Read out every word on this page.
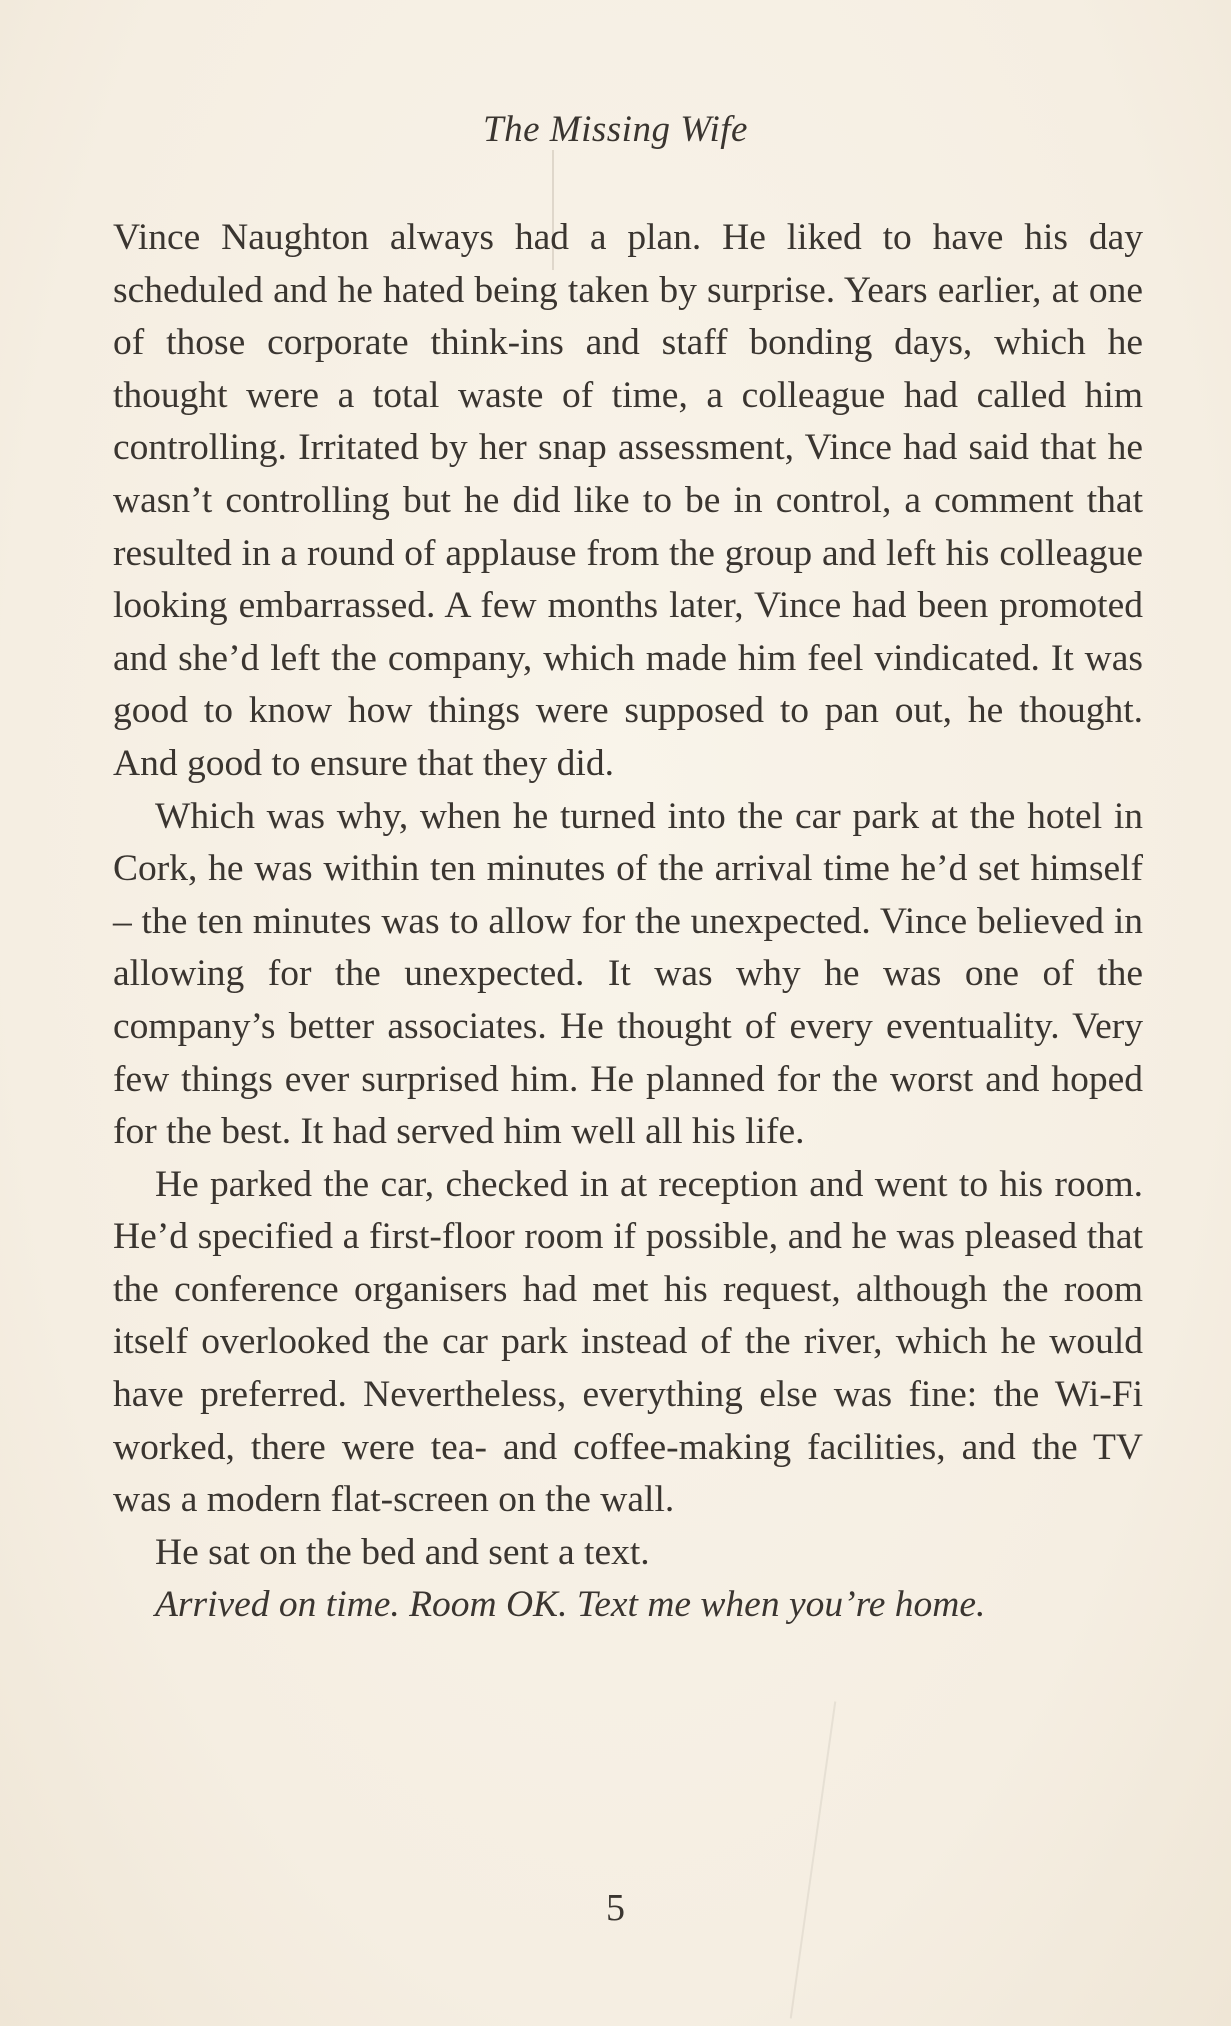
The Missing Wife

Vince Naughton always had a plan. He liked to have his day scheduled and he hated being taken by surprise. Years earlier, at one of those corporate think-ins and staff bonding days, which he thought were a total waste of time, a colleague had called him controlling. Irritated by her snap assessment, Vince had said that he wasn’t controlling but he did like to be in control, a comment that resulted in a round of applause from the group and left his colleague looking embarrassed. A few months later, Vince had been promoted and she’d left the company, which made him feel vindicated. It was good to know how things were supposed to pan out, he thought. And good to ensure that they did.

Which was why, when he turned into the car park at the hotel in Cork, he was within ten minutes of the arrival time he’d set himself – the ten minutes was to allow for the unexpected. Vince believed in allowing for the unexpected. It was why he was one of the company’s better associates. He thought of every eventuality. Very few things ever surprised him. He planned for the worst and hoped for the best. It had served him well all his life.

He parked the car, checked in at reception and went to his room. He’d specified a first-floor room if possible, and he was pleased that the conference organisers had met his request, although the room itself overlooked the car park instead of the river, which he would have preferred. Nevertheless, everything else was fine: the Wi-Fi worked, there were tea- and coffee-making facilities, and the TV was a modern flat-screen on the wall.

He sat on the bed and sent a text.

Arrived on time. Room OK. Text me when you’re home.

5
